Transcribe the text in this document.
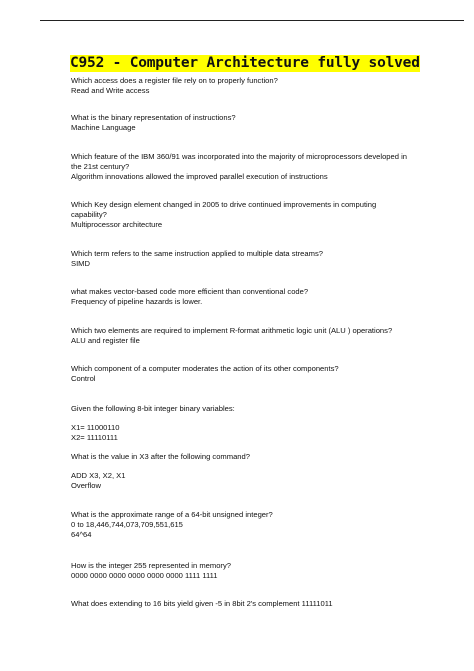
C952 - Computer Architecture fully solved

Which access does a register file rely on to properly function?

Read and Write access

What is the binary representation of instructions?

Machine Language

Which feature of the IBM 360/91 was incorporated into the majority of microprocessors developed in

the 21st century?

Algorithm innovations allowed the improved parallel execution of instructions

Which Key design element changed in 2005 to drive continued improvements in computing

capability?

Multiprocessor architecture

Which term refers to the same instruction applied to multiple data streams?

SIMD

what makes vector-based code more efficient than conventional code?

Frequency of pipeline hazards is lower.

Which two elements are required to implement R-format arithmetic logic unit (ALU ) operations?

ALU and register file

Which component of a computer moderates the action of its other components?

Control

Given the following 8-bit integer binary variables:

X1= 11000110

X2= 11110111

What is the value in X3 after the following command?

ADD X3, X2, X1

Overflow

What is the approximate range of a 64-bit unsigned integer?

0 to 18,446,744,073,709,551,615

64^64

How is the integer 255 represented in memory?

0000 0000 0000 0000 0000 0000 1111 1111

What does extending to 16 bits yield given -5 in 8bit 2's complement 11111011
